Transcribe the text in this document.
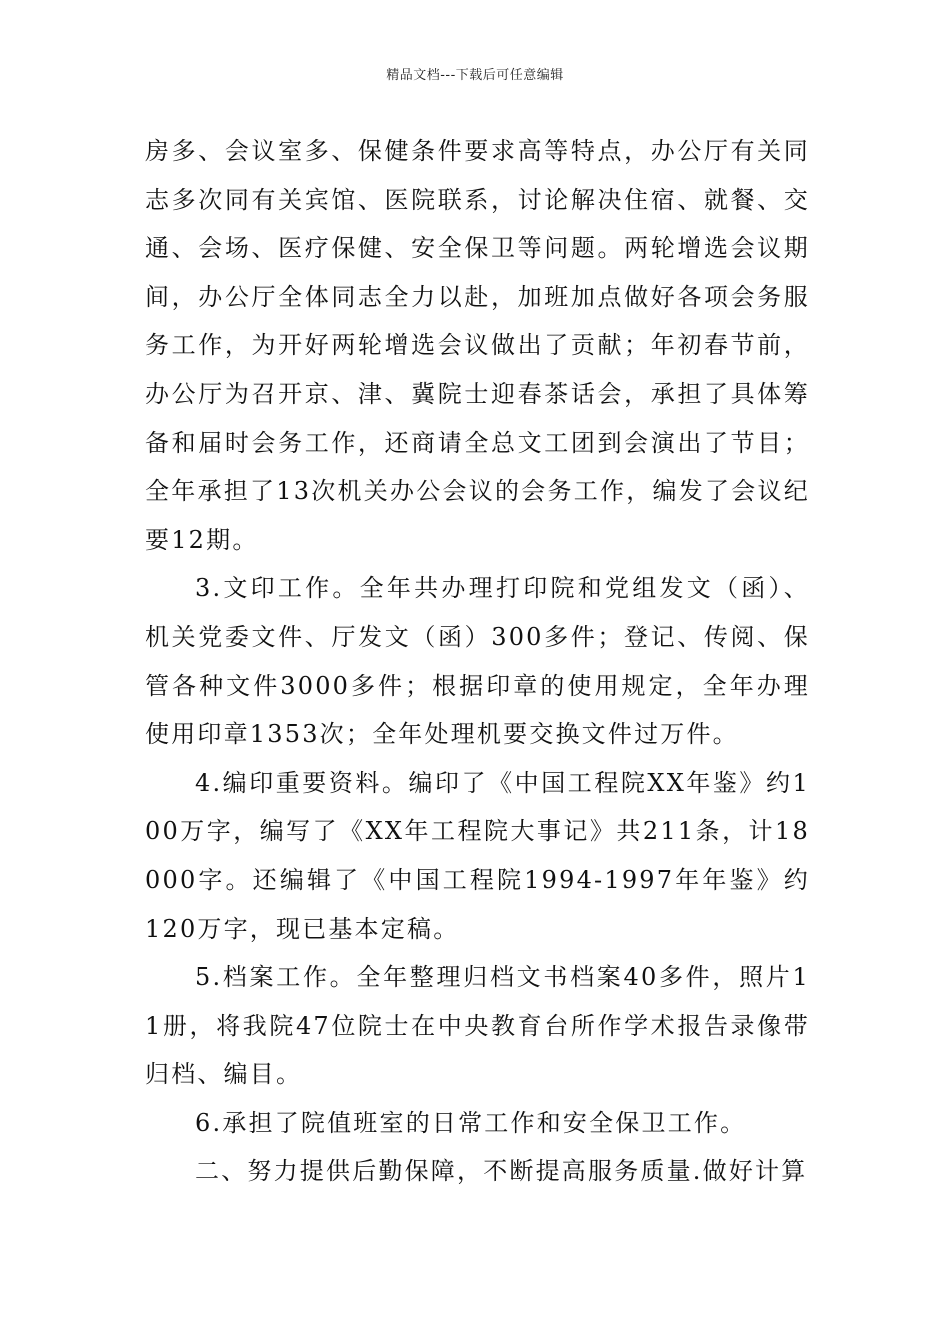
精品文档---下载后可任意编辑

房多、会议室多、保健条件要求高等特点，办公厅有关同志多次同有关宾馆、医院联系，讨论解决住宿、就餐、交通、会场、医疗保健、安全保卫等问题。两轮增选会议期间，办公厅全体同志全力以赴，加班加点做好各项会务服务工作，为开好两轮增选会议做出了贡献；年初春节前，办公厅为召开京、津、冀院士迎春茶话会，承担了具体筹备和届时会务工作，还商请全总文工团到会演出了节目；全年承担了13次机关办公会议的会务工作，编发了会议纪要12期。

3.文印工作。全年共办理打印院和党组发文（函）、机关党委文件、厅发文（函）300多件；登记、传阅、保管各种文件3000多件；根据印章的使用规定，全年办理使用印章1353次；全年处理机要交换文件过万件。

4.编印重要资料。编印了《中国工程院XX年鉴》约100万字，编写了《XX年工程院大事记》共211条，计18000字。还编辑了《中国工程院1994-1997年年鉴》约120万字，现已基本定稿。

5.档案工作。全年整理归档文书档案40多件，照片11册，将我院47位院士在中央教育台所作学术报告录像带归档、编目。

6.承担了院值班室的日常工作和安全保卫工作。

二、努力提供后勤保障，不断提高服务质量.做好计算
